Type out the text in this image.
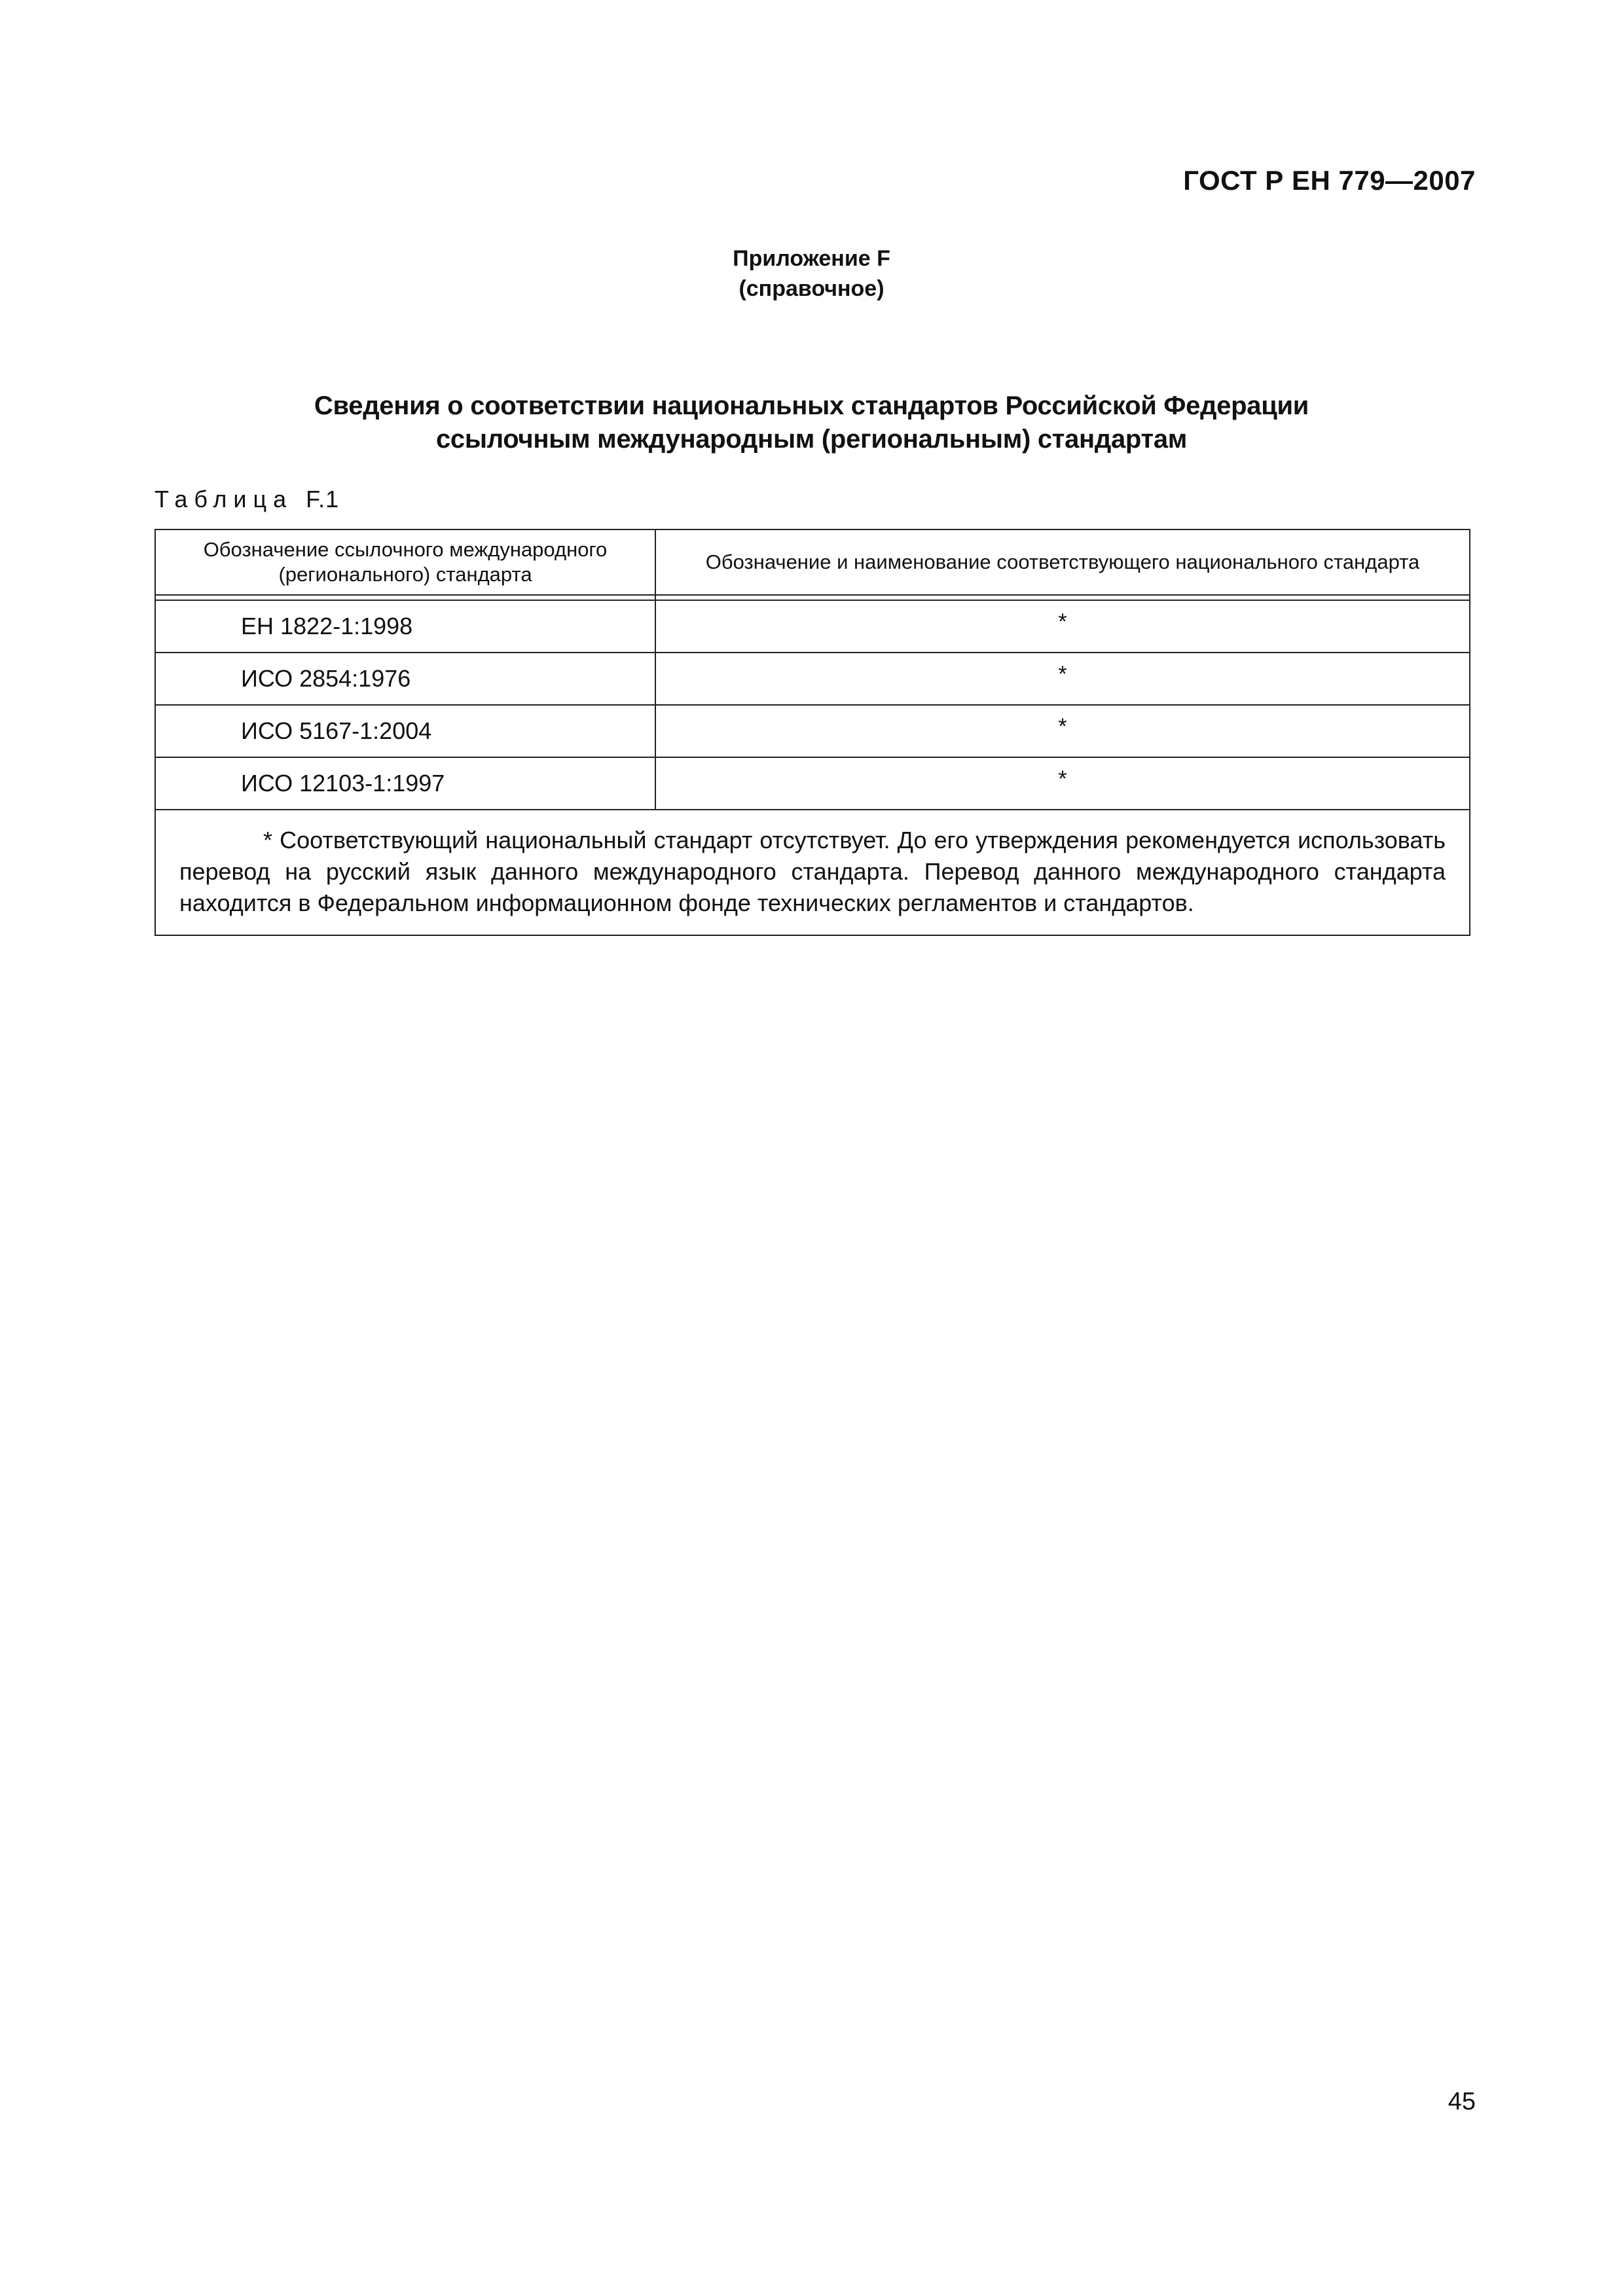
ГОСТ Р ЕН 779—2007
Приложение F
(справочное)
Сведения о соответствии национальных стандартов Российской Федерации
ссылочным международным (региональным) стандартам
Таблица F.1
Обозначение ссылочного международного (регионального) стандарта	Обозначение и наименование соответствующего национального стандарта

ЕН 1822-1:1998	*
ИСО 2854:1976	*
ИСО 5167-1:2004	*
ИСО 12103-1:1997	*
* Соответствующий национальный стандарт отсутствует. До его утверждения рекомендуется использовать перевод на русский язык данного международного стандарта. Перевод данного международного стандарта находится в Федеральном информационном фонде технических регламентов и стандартов.	
45
